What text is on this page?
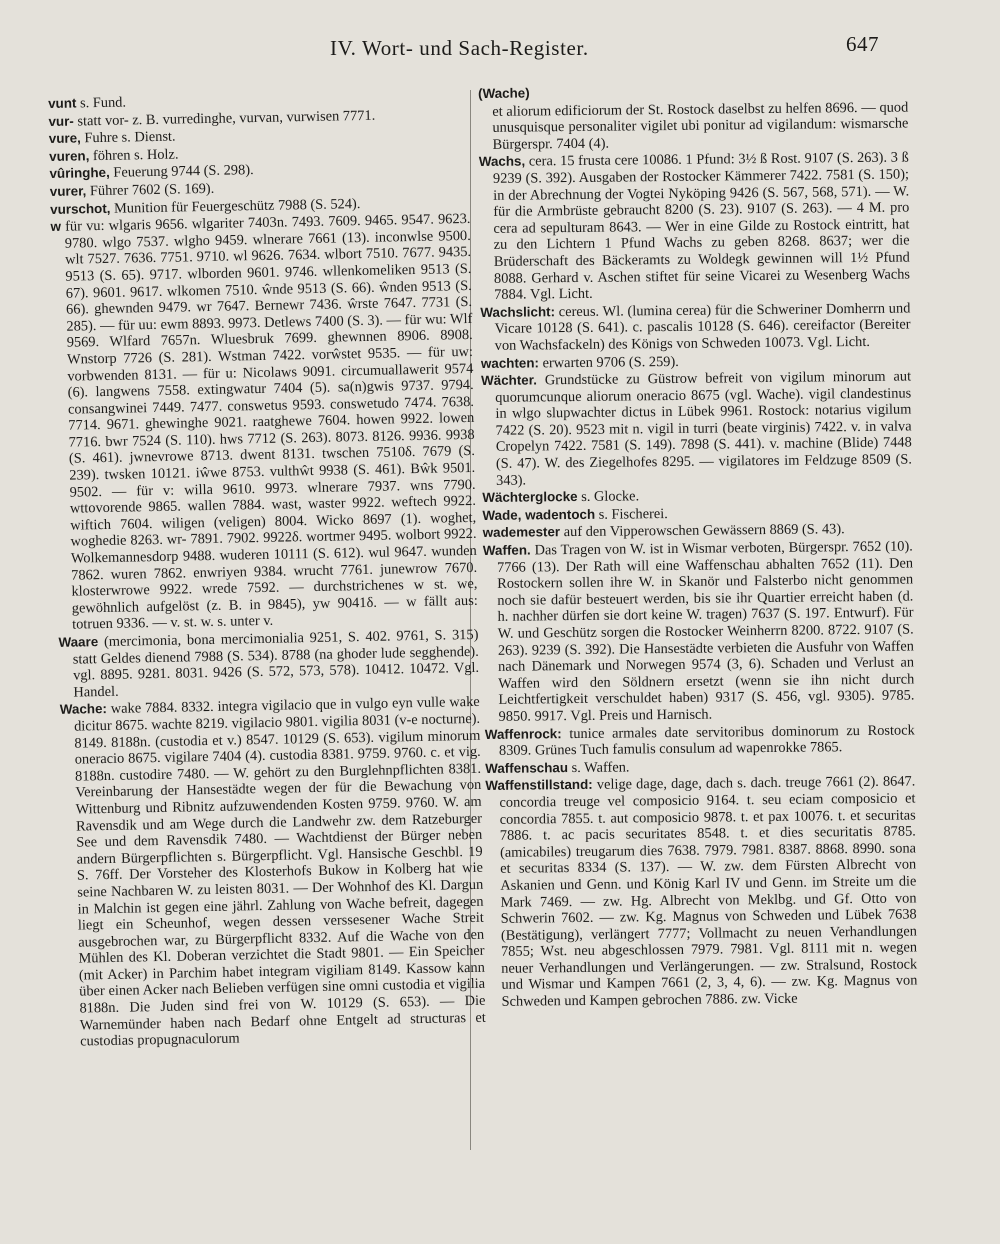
IV. Wort- und Sach-Register.	647

vunt s. Fund.

vur- statt vor- z. B. vurredinghe, vurvan, vurwisen 7771.

vure, Fuhre s. Dienst.

vuren, föhren s. Holz.

vûringhe, Feuerung 9744 (S. 298).

vurer, Führer 7602 (S. 169).

vurschot, Munition für Feuergeschütz 7988 (S. 524).

w für vu: wlgaris 9656. wlgariter 7403n. 7493. 7609. 9465. 9547. 9623. 9780. wlgo 7537. wlgho 9459. wlnerare 7661 (13). inconwlse 9500. wlt 7527. 7636. 7751. 9710. wl 9626. 7634. wlbort 7510. 7677. 9435. 9513 (S. 65). 9717. wlborden 9601. 9746. wllenkomeliken 9513 (S. 67). 9601. 9617. wlkomen 7510. ŵnde 9513 (S. 66). ŵnden 9513 (S. 66). ghewnden 9479. wr 7647. Bernewr 7436. ŵrste 7647. 7731 (S. 285). — für uu: ewm 8893. 9973. Detlews 7400 (S. 3). — für wu: Wlf 9569. Wlfard 7657n. Wluesbruk 7699. ghewnnen 8906. 8908. Wnstorp 7726 (S. 281). Wstman 7422. vorŵstet 9535. — für uw: vorbwenden 8131. — für u: Nicolaws 9091. circumuallawerit 9574 (6). langwens 7558. extingwatur 7404 (5). sa(n)gwis 9737. 9794. consangwinei 7449. 7477. conswetus 9593. conswetudo 7474. 7638. 7714. 9671. ghewinghe 9021. raatghewe 7604. howen 9922. lowen 7716. bwr 7524 (S. 110). hws 7712 (S. 263). 8073. 8126. 9936. 9938 (S. 461). jwnevrowe 8713. dwent 8131. twschen 7510δ. 7679 (S. 239). twsken 10121. iŵwe 8753. vulthŵt 9938 (S. 461). Bŵk 9501. 9502. — für v: willa 9610. 9973. wlnerare 7937. wns 7790. wttovorende 9865. wallen 7884. wast, waster 9922. weftech 9922. wiftich 7604. wiligen (veligen) 8004. Wicko 8697 (1). woghet, woghedie 8263. wr- 7891. 7902. 9922δ. wortmer 9495. wolbort 9922. Wolkemannesdorp 9488. wuderen 10111 (S. 612). wul 9647. wunden 7862. wuren 7862. enwriyen 9384. wrucht 7761. junewrow 7670. klosterwrowe 9922. wrede 7592. — durchstrichenes w st. we, gewöhnlich aufgelöst (z. B. in 9845), yw 9041δ. — w fällt aus: totruen 9336. — v. st. w. s. unter v.

Waare (mercimonia, bona mercimonialia 9251, S. 402. 9761, S. 315) statt Geldes dienend 7988 (S. 534). 8788 (na ghoder lude segghende). vgl. 8895. 9281. 8031. 9426 (S. 572, 573, 578). 10412. 10472. Vgl. Handel.

Wache: wake 7884. 8332. integra vigilacio que in vulgo eyn vulle wake dicitur 8675. wachte 8219. vigilacio 9801. vigilia 8031 (v-e nocturne). 8149. 8188n. (custodia et v.) 8547. 10129 (S. 653). vigilum minorum oneracio 8675. vigilare 7404 (4). custodia 8381. 9759. 9760. c. et vig. 8188n. custodire 7480. — W. gehört zu den Burglehnpflichten 8381. Vereinbarung der Hansestädte wegen der für die Bewachung von Wittenburg und Ribnitz aufzuwendenden Kosten 9759. 9760. W. am Ravensdik und am Wege durch die Landwehr zw. dem Ratzeburger See und dem Ravensdik 7480. — Wachtdienst der Bürger neben andern Bürgerpflichten s. Bürgerpflicht. Vgl. Hansische Geschbl. 19 S. 76ff. Der Vorsteher des Klosterhofs Bukow in Kolberg hat wie seine Nachbaren W. zu leisten 8031. — Der Wohnhof des Kl. Dargun in Malchin ist gegen eine jährl. Zahlung von Wache befreit, dagegen liegt ein Scheunhof, wegen dessen verssesener Wache Streit ausgebrochen war, zu Bürgerpflicht 8332. Auf die Wache von den Mühlen des Kl. Doberan verzichtet die Stadt 9801. — Ein Speicher (mit Acker) in Parchim habet integram vigiliam 8149. Kassow kann über einen Acker nach Belieben verfügen sine omni custodia et vigilia 8188n. Die Juden sind frei von W. 10129 (S. 653). — Die Warnemünder haben nach Bedarf ohne Entgelt ad structuras et custodias propugnaculorum

(Wache)

et aliorum edificiorum der St. Rostock daselbst zu helfen 8696. — quod unusquisque personaliter vigilet ubi ponitur ad vigilandum: wismarsche Bürgerspr. 7404 (4).

Wachs, cera. 15 frusta cere 10086. 1 Pfund: 3½ ß Rost. 9107 (S. 263). 3 ß 9239 (S. 392). Ausgaben der Rostocker Kämmerer 7422. 7581 (S. 150); in der Abrechnung der Vogtei Nyköping 9426 (S. 567, 568, 571). — W. für die Armbrüste gebraucht 8200 (S. 23). 9107 (S. 263). — 4 M. pro cera ad sepulturam 8643. — Wer in eine Gilde zu Rostock eintritt, hat zu den Lichtern 1 Pfund Wachs zu geben 8268. 8637; wer die Brüderschaft des Bäckeramts zu Woldegk gewinnen will 1½ Pfund 8088. Gerhard v. Aschen stiftet für seine Vicarei zu Wesenberg Wachs 7884. Vgl. Licht.

Wachslicht: cereus. Wl. (lumina cerea) für die Schweriner Domherrn und Vicare 10128 (S. 641). c. pascalis 10128 (S. 646). cereifactor (Bereiter von Wachsfackeln) des Königs von Schweden 10073. Vgl. Licht.

wachten: erwarten 9706 (S. 259).

Wächter. Grundstücke zu Güstrow befreit von vigilum minorum aut quorumcunque aliorum oneracio 8675 (vgl. Wache). vigil clandestinus in wlgo slupwachter dictus in Lübek 9961. Rostock: notarius vigilum 7422 (S. 20). 9523 mit n. vigil in turri (beate virginis) 7422. v. in valva Cropelyn 7422. 7581 (S. 149). 7898 (S. 441). v. machine (Blide) 7448 (S. 47). W. des Ziegelhofes 8295. — vigilatores im Feldzuge 8509 (S. 343).

Wächterglocke s. Glocke.

Wade, wadentoch s. Fischerei.

wademester auf den Vipperowschen Gewässern 8869 (S. 43).

Waffen. Das Tragen von W. ist in Wismar verboten, Bürgerspr. 7652 (10). 7766 (13). Der Rath will eine Waffenschau abhalten 7652 (11). Den Rostockern sollen ihre W. in Skanör und Falsterbo nicht genommen noch sie dafür besteuert werden, bis sie ihr Quartier erreicht haben (d. h. nachher dürfen sie dort keine W. tragen) 7637 (S. 197. Entwurf). Für W. und Geschütz sorgen die Rostocker Weinherrn 8200. 8722. 9107 (S. 263). 9239 (S. 392). Die Hansestädte verbieten die Ausfuhr von Waffen nach Dänemark und Norwegen 9574 (3, 6). Schaden und Verlust an Waffen wird den Söldnern ersetzt (wenn sie ihn nicht durch Leichtfertigkeit verschuldet haben) 9317 (S. 456, vgl. 9305). 9785. 9850. 9917. Vgl. Preis und Harnisch.

Waffenrock: tunice armales date servitoribus dominorum zu Rostock 8309. Grünes Tuch famulis consulum ad wapenrokke 7865.

Waffenschau s. Waffen.

Waffenstillstand: velige dage, dage, dach s. dach. treuge 7661 (2). 8647. concordia treuge vel composicio 9164. t. seu eciam composicio et concordia 7855. t. aut composicio 9878. t. et pax 10076. t. et securitas 7886. t. ac pacis securitates 8548. t. et dies securitatis 8785. (amicabiles) treugarum dies 7638. 7979. 7981. 8387. 8868. 8990. sona et securitas 8334 (S. 137). — W. zw. dem Fürsten Albrecht von Askanien und Genn. und König Karl IV und Genn. im Streite um die Mark 7469. — zw. Hg. Albrecht von Meklbg. und Gf. Otto von Schwerin 7602. — zw. Kg. Magnus von Schweden und Lübek 7638 (Bestätigung), verlängert 7777; Vollmacht zu neuen Verhandlungen 7855; Wst. neu abgeschlossen 7979. 7981. Vgl. 8111 mit n. wegen neuer Verhandlungen und Verlängerungen. — zw. Stralsund, Rostock und Wismar und Kampen 7661 (2, 3, 4, 6). — zw. Kg. Magnus von Schweden und Kampen gebrochen 7886. zw. Vicke
